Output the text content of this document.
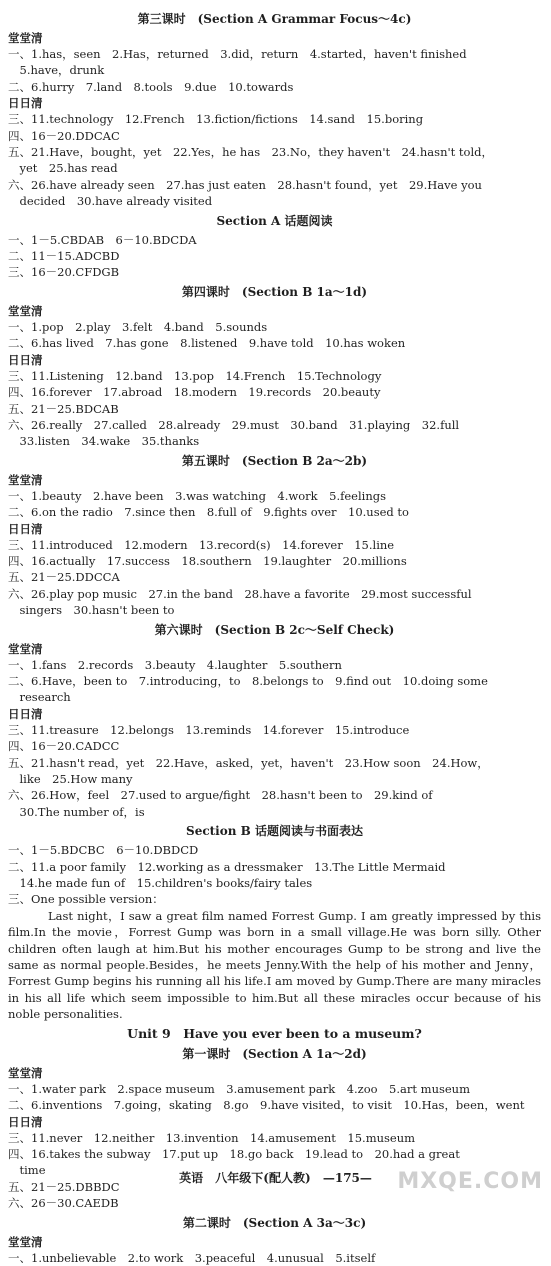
第三课时　(Section A Grammar Focus～4c)
堂堂清
一、1.has，seen　2.Has，returned　3.did，return　4.started，haven't finished
　5.have，drunk
二、6.hurry　7.land　8.tools　9.due　10.towards
日日清
三、11.technology　12.French　13.fiction/fictions　14.sand　15.boring
四、16－20.DDCAC
五、21.Have，bought，yet　22.Yes，he has　23.No，they haven't　24.hasn't told，
　yet　25.has read
六、26.have already seen　27.has just eaten　28.hasn't found，yet　29.Have you
　decided　30.have already visited
Section A 话题阅读
一、1－5.CBDAB　6－10.BDCDA
二、11－15.ADCBD
三、16－20.CFDGB
第四课时　(Section B 1a～1d)
堂堂清
一、1.pop　2.play　3.felt　4.band　5.sounds
二、6.has lived　7.has gone　8.listened　9.have told　10.has woken
日日清
三、11.Listening　12.band　13.pop　14.French　15.Technology
四、16.forever　17.abroad　18.modern　19.records　20.beauty
五、21－25.BDCAB
六、26.really　27.called　28.already　29.must　30.band　31.playing　32.full
　33.listen　34.wake　35.thanks
第五课时　(Section B 2a～2b)
堂堂清
一、1.beauty　2.have been　3.was watching　4.work　5.feelings
二、6.on the radio　7.since then　8.full of　9.fights over　10.used to
日日清
三、11.introduced　12.modern　13.record(s)　14.forever　15.line
四、16.actually　17.success　18.southern　19.laughter　20.millions
五、21－25.DDCCA
六、26.play pop music　27.in the band　28.have a favorite　29.most successful
　singers　30.hasn't been to
第六课时　(Section B 2c～Self Check)
堂堂清
一、1.fans　2.records　3.beauty　4.laughter　5.southern
二、6.Have，been to　7.introducing，to　8.belongs to　9.find out　10.doing some
　research
日日清
三、11.treasure　12.belongs　13.reminds　14.forever　15.introduce
四、16－20.CADCC
五、21.hasn't read，yet　22.Have，asked，yet，haven't　23.How soon　24.How，
　like　25.How many
六、26.How，feel　27.used to argue/fight　28.hasn't been to　29.kind of
　30.The number of，is
Section B 话题阅读与书面表达
一、1－5.BDCBC　6－10.DBDCD
二、11.a poor family　12.working as a dressmaker　13.The Little Mermaid
　14.he made fun of　15.children's books/fairy tales
三、One possible version：
Last night，I saw a great film named Forrest Gump. I am greatly impressed by this film.In the movie，Forrest Gump was born in a small village.He was born silly. Other children often laugh at him.But his mother encourages Gump to be strong and live the same as normal people.Besides，he meets Jenny.With the help of his mother and Jenny，Forrest Gump begins his running all his life.I am moved by Gump.There are many miracles in his all life which seem impossible to him.But all these miracles occur because of his noble personalities.
Unit 9　Have you ever been to a museum?
第一课时　(Section A 1a～2d)
堂堂清
一、1.water park　2.space museum　3.amusement park　4.zoo　5.art museum
二、6.inventions　7.going，skating　8.go　9.have visited，to visit　10.Has，been，went
日日清
三、11.never　12.neither　13.invention　14.amusement　15.museum
四、16.takes the subway　17.put up　18.go back　19.lead to　20.had a great
　time
五、21－25.DBBDC
六、26－30.CAEDB
第二课时　(Section A 3a～3c)
堂堂清
一、1.unbelievable　2.to work　3.peaceful　4.unusual　5.itself
英语 八年级下(配人教) —175—	MXQE.COM
